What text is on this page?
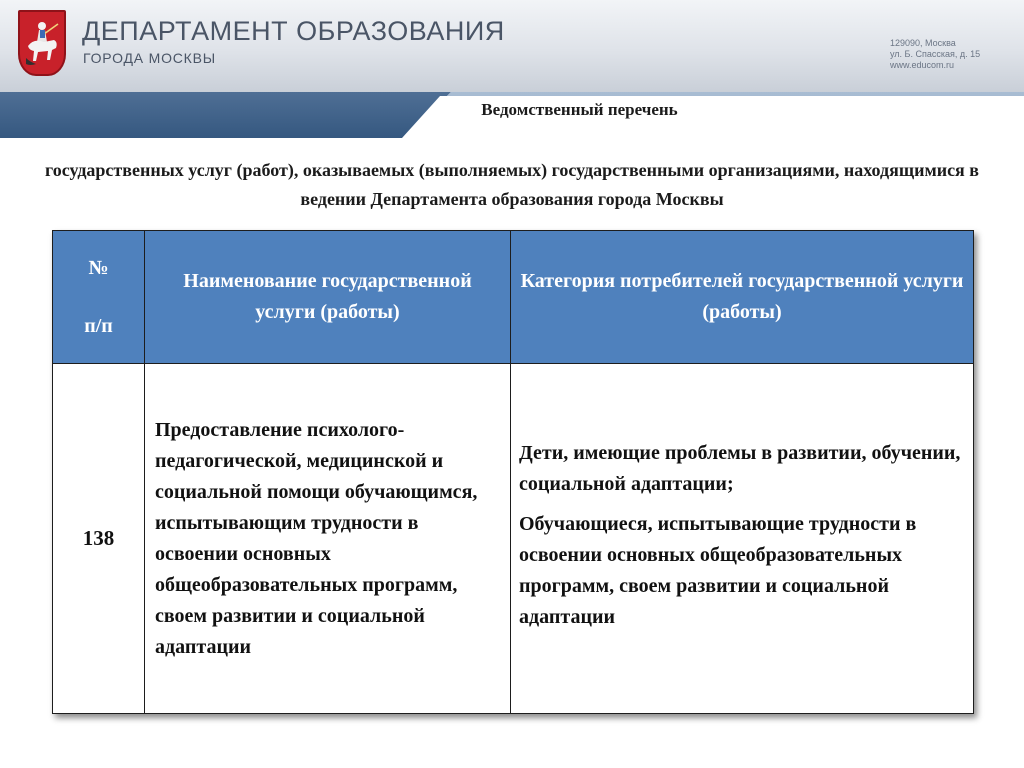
ДЕПАРТАМЕНТ ОБРАЗОВАНИЯ
ГОРОДА МОСКВЫ
129090, Москва
ул. Б. Спасская, д. 15
www.educom.ru
Ведомственный перечень
государственных услуг (работ), оказываемых (выполняемых) государственными организациями, находящимися в ведении Департамента образования города Москвы
№
п/п	Наименование государственной услуги (работы)	Категория потребителей государственной услуги (работы)
138	Предоставление психолого-педагогической, медицинской и социальной помощи обучающимся, испытывающим трудности в освоении основных общеобразовательных программ, своем развитии и социальной адаптации	Дети, имеющие проблемы в развитии, обучении, социальной адаптации;

Обучающиеся, испытывающие трудности в освоении основных общеобразовательных программ, своем развитии и социальной адаптации
